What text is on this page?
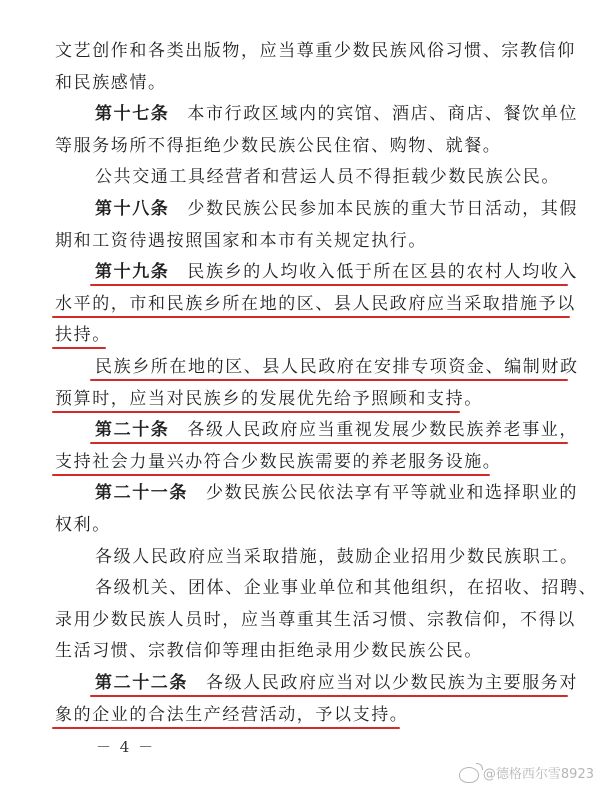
文艺创作和各类出版物，应当尊重少数民族风俗习惯、宗教信仰
和民族感情。
第十七条 本市行政区域内的宾馆、酒店、商店、餐饮单位
等服务场所不得拒绝少数民族公民住宿、购物、就餐。
公共交通工具经营者和营运人员不得拒载少数民族公民。
第十八条 少数民族公民参加本民族的重大节日活动，其假
期和工资待遇按照国家和本市有关规定执行。
第十九条 民族乡的人均收入低于所在区县的农村人均收入
水平的，市和民族乡所在地的区、县人民政府应当采取措施予以
扶持。
民族乡所在地的区、县人民政府在安排专项资金、编制财政
预算时，应当对民族乡的发展优先给予照顾和支持。
第二十条 各级人民政府应当重视发展少数民族养老事业，
支持社会力量兴办符合少数民族需要的养老服务设施。
第二十一条 少数民族公民依法享有平等就业和选择职业的
权利。
各级人民政府应当采取措施，鼓励企业招用少数民族职工。
各级机关、团体、企业事业单位和其他组织，在招收、招聘、
录用少数民族人员时，应当尊重其生活习惯、宗教信仰，不得以
生活习惯、宗教信仰等理由拒绝录用少数民族公民。
第二十二条 各级人民政府应当对以少数民族为主要服务对
象的企业的合法生产经营活动，予以支持。
－ 4 －
@德格西尔雪8923
